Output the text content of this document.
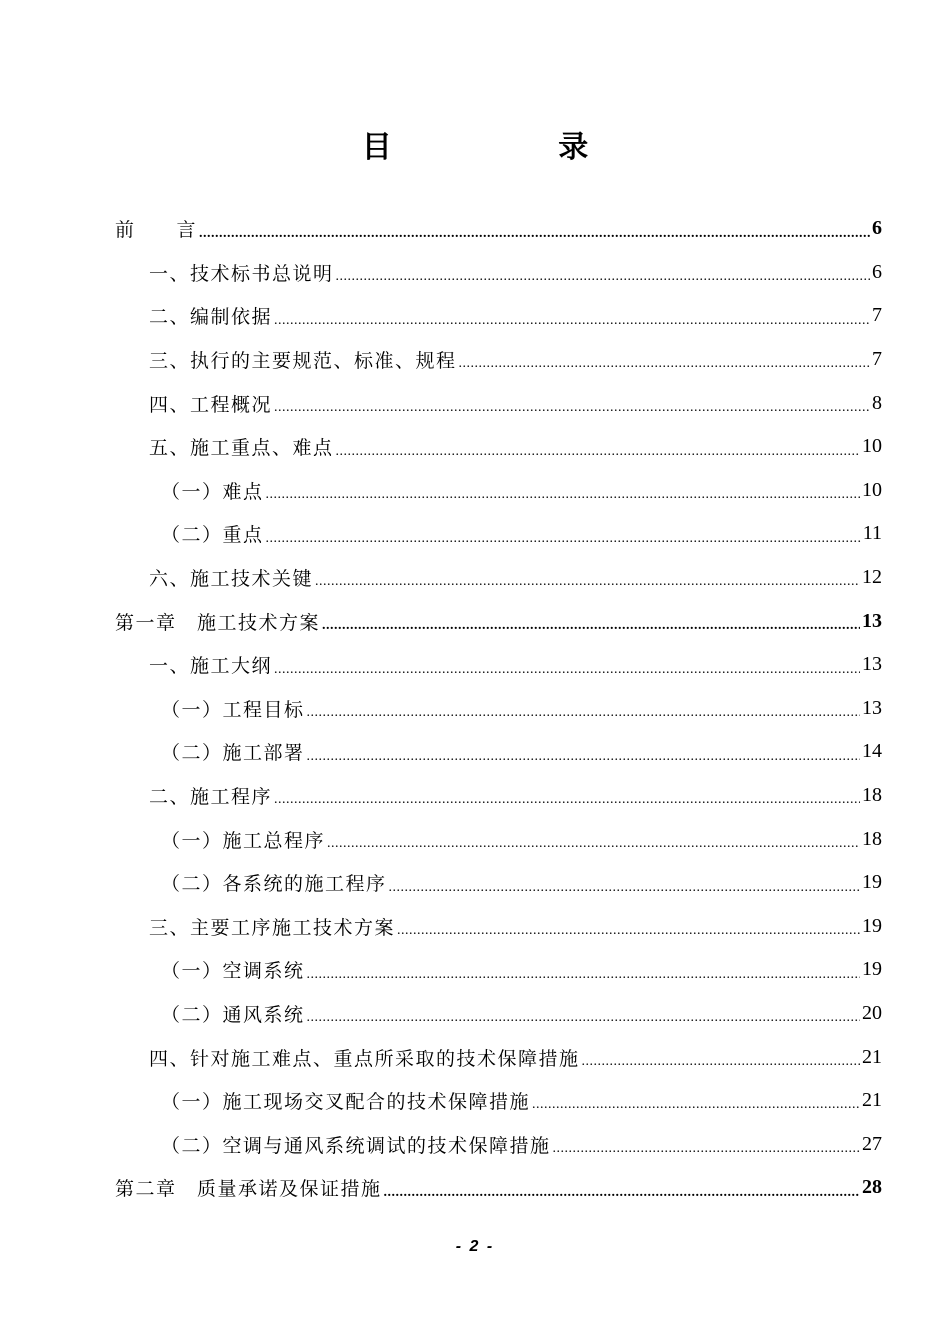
目 录
前　　言 .....	6
一、技术标书总说明 .....	6
二、编制依据 .....	7
三、执行的主要规范、标准、规程 .....	7
四、工程概况 .....	8
五、施工重点、难点 .....	10
（一）难点 .....	10
（二）重点 .....	11
六、施工技术关键 .....	12
第一章　施工技术方案 .....	13
一、施工大纲 .....	13
（一）工程目标 .....	13
（二）施工部署 .....	14
二、施工程序 .....	18
（一）施工总程序 .....	18
（二）各系统的施工程序 .....	19
三、主要工序施工技术方案 .....	19
（一）空调系统 .....	19
（二）通风系统 .....	20
四、针对施工难点、重点所采取的技术保障措施 .....	21
（一）施工现场交叉配合的技术保障措施 .....	21
（二）空调与通风系统调试的技术保障措施 .....	27
第二章　质量承诺及保证措施 .....	28
- 2 -
